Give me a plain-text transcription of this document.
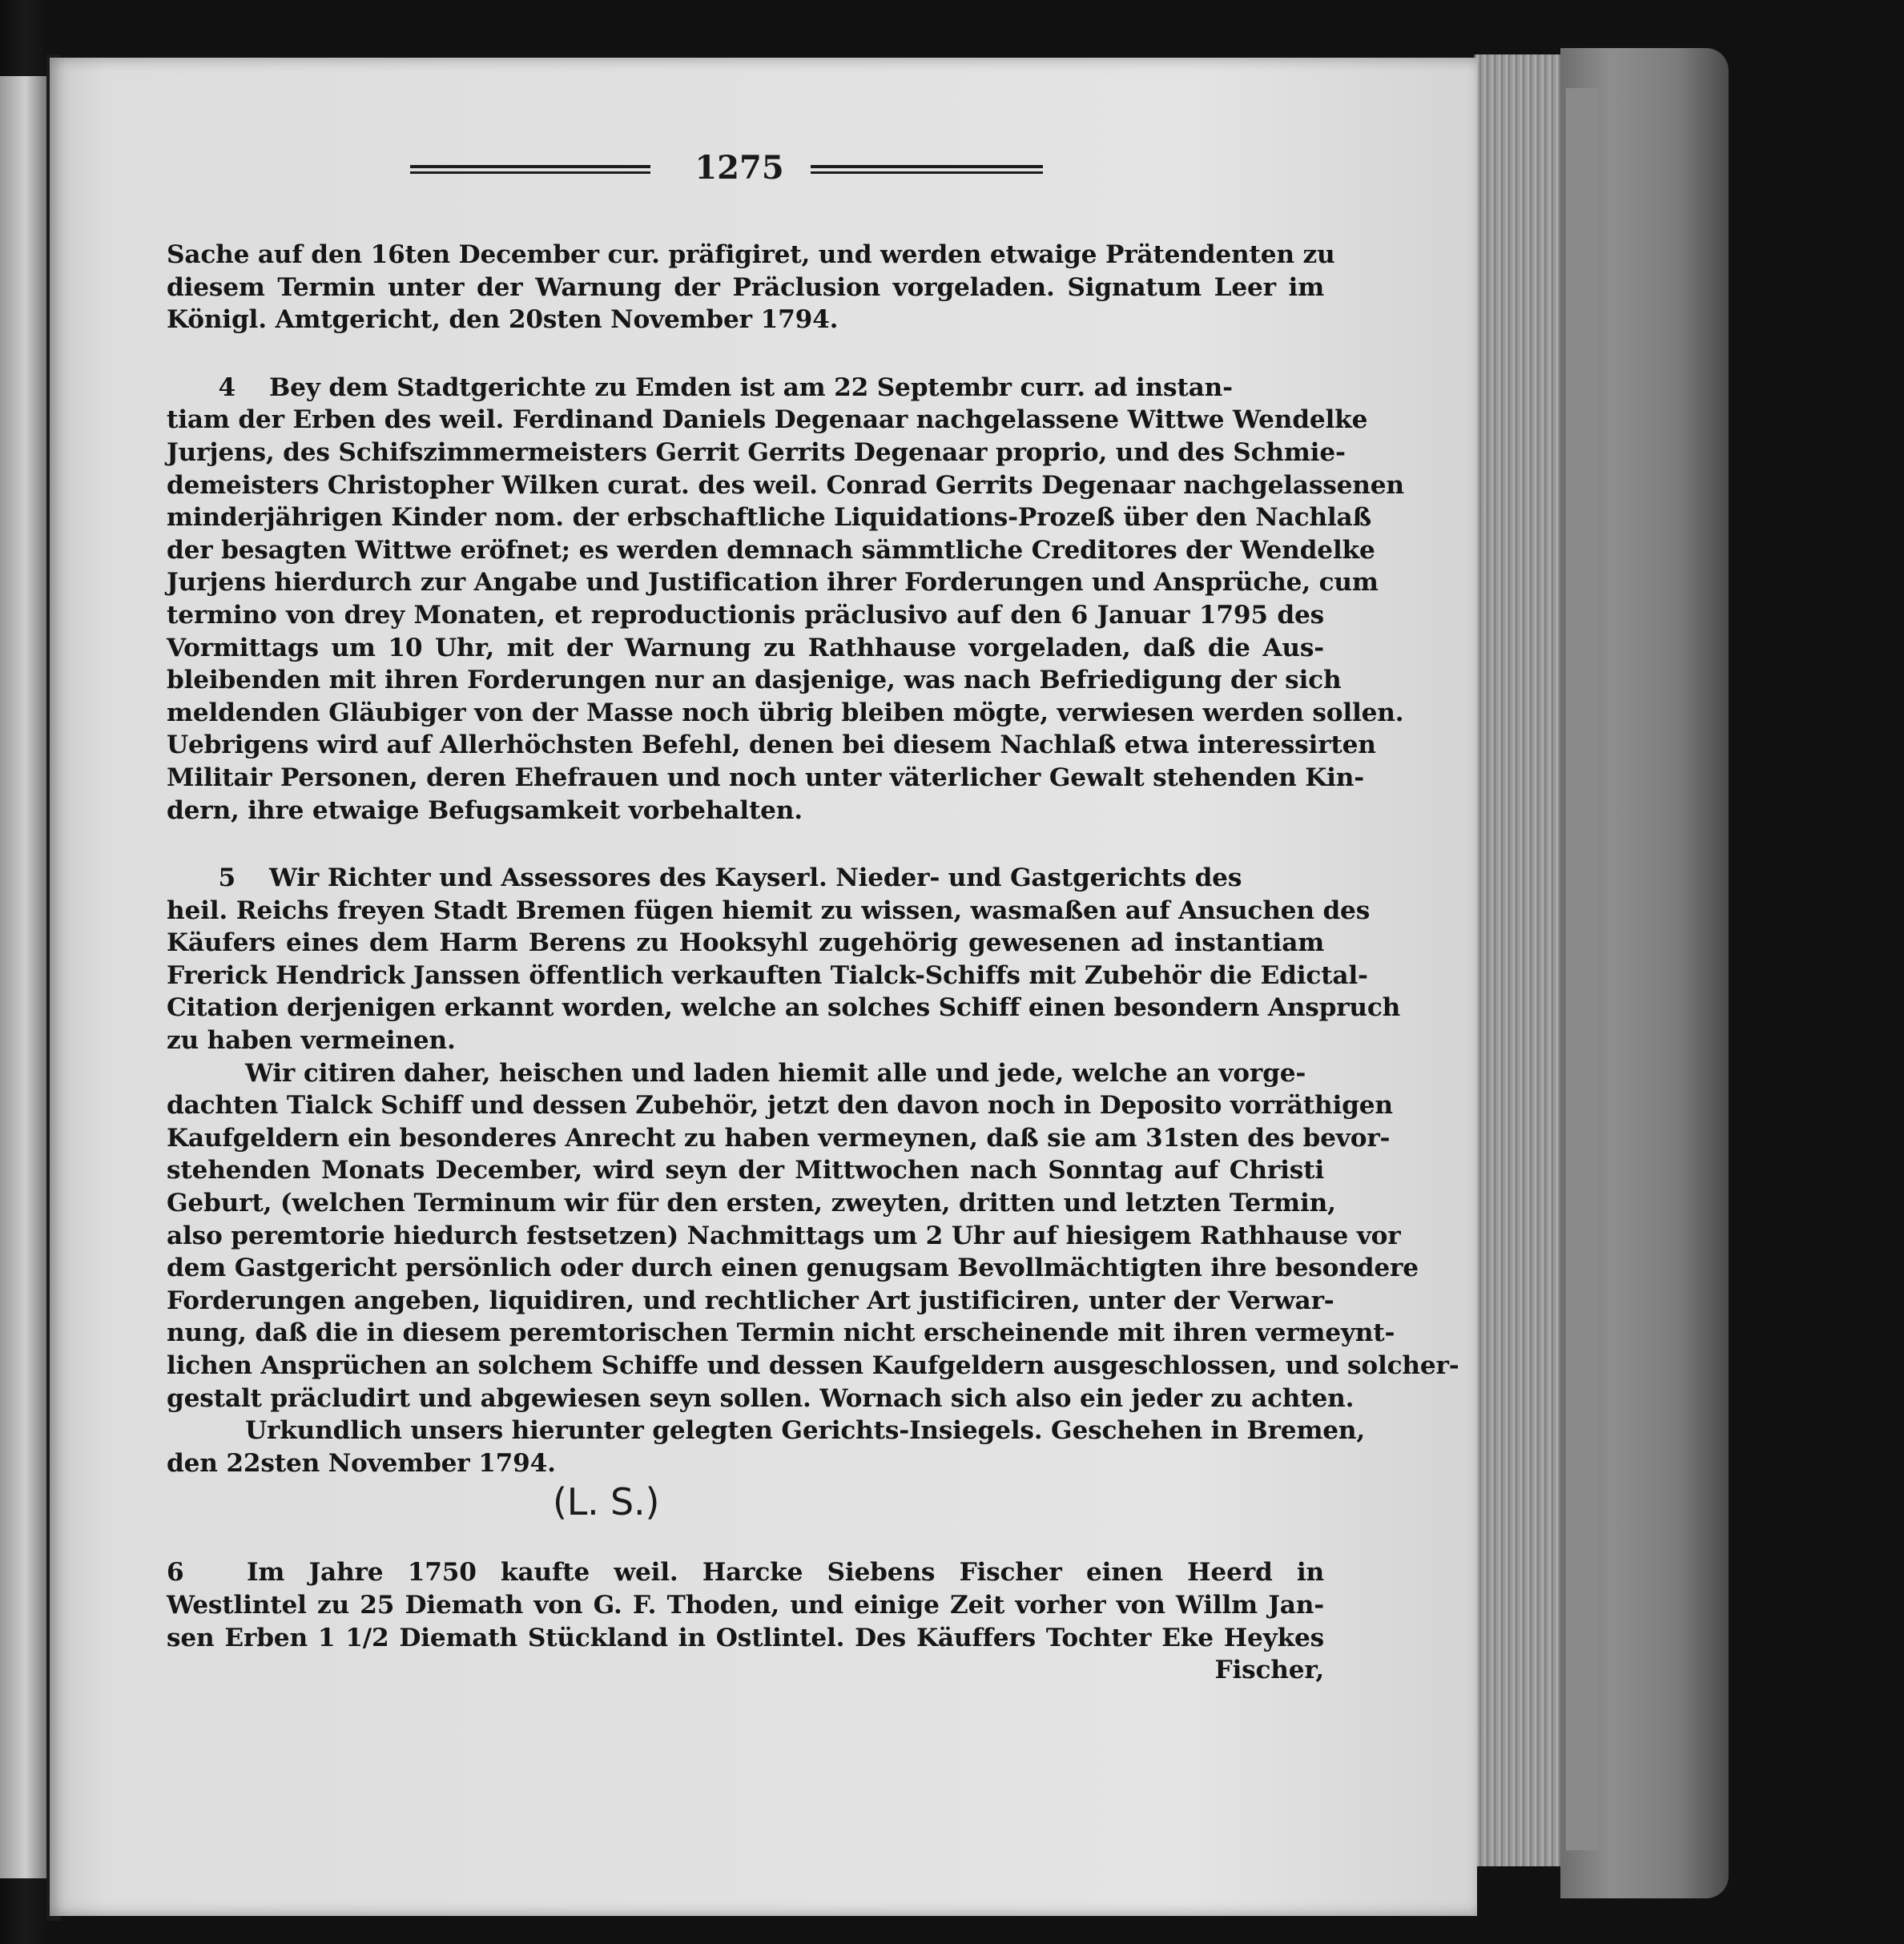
1275
Sache auf den 16ten December cur. präfigiret, und werden etwaige Prätendenten zu
diesem Termin unter der Warnung der Präclusion vorgeladen. Signatum Leer im
Königl. Amtgericht, den 20sten November 1794.
4 Bey dem Stadtgerichte zu Emden ist am 22 Septembr curr. ad instan-
tiam der Erben des weil. Ferdinand Daniels Degenaar nachgelassene Wittwe Wendelke
Jurjens, des Schifszimmermeisters Gerrit Gerrits Degenaar proprio, und des Schmie-
demeisters Christopher Wilken curat. des weil. Conrad Gerrits Degenaar nachgelassenen
minderjährigen Kinder nom. der erbschaftliche Liquidations-Prozeß über den Nachlaß
der besagten Wittwe eröfnet; es werden demnach sämmtliche Creditores der Wendelke
Jurjens hierdurch zur Angabe und Justification ihrer Forderungen und Ansprüche, cum
termino von drey Monaten, et reproductionis präclusivo auf den 6 Januar 1795 des
Vormittags um 10 Uhr, mit der Warnung zu Rathhause vorgeladen, daß die Aus-
bleibenden mit ihren Forderungen nur an dasjenige, was nach Befriedigung der sich
meldenden Gläubiger von der Masse noch übrig bleiben mögte, verwiesen werden sollen.
Uebrigens wird auf Allerhöchsten Befehl, denen bei diesem Nachlaß etwa interessirten
Militair Personen, deren Ehefrauen und noch unter väterlicher Gewalt stehenden Kin-
dern, ihre etwaige Befugsamkeit vorbehalten.
5 Wir Richter und Assessores des Kayserl. Nieder- und Gastgerichts des
heil. Reichs freyen Stadt Bremen fügen hiemit zu wissen, wasmaßen auf Ansuchen des
Käufers eines dem Harm Berens zu Hooksyhl zugehörig gewesenen ad instantiam
Frerick Hendrick Janssen öffentlich verkauften Tialck-Schiffs mit Zubehör die Edictal-
Citation derjenigen erkannt worden, welche an solches Schiff einen besondern Anspruch
zu haben vermeinen.
Wir citiren daher, heischen und laden hiemit alle und jede, welche an vorge-
dachten Tialck Schiff und dessen Zubehör, jetzt den davon noch in Deposito vorräthigen
Kaufgeldern ein besonderes Anrecht zu haben vermeynen, daß sie am 31sten des bevor-
stehenden Monats December, wird seyn der Mittwochen nach Sonntag auf Christi
Geburt, (welchen Terminum wir für den ersten, zweyten, dritten und letzten Termin,
also peremtorie hiedurch festsetzen) Nachmittags um 2 Uhr auf hiesigem Rathhause vor
dem Gastgericht persönlich oder durch einen genugsam Bevollmächtigten ihre besondere
Forderungen angeben, liquidiren, und rechtlicher Art justificiren, unter der Verwar-
nung, daß die in diesem peremtorischen Termin nicht erscheinende mit ihren vermeynt-
lichen Ansprüchen an solchem Schiffe und dessen Kaufgeldern ausgeschlossen, und solcher-
gestalt präcludirt und abgewiesen seyn sollen. Wornach sich also ein jeder zu achten.
Urkundlich unsers hierunter gelegten Gerichts-Insiegels. Geschehen in Bremen,
den 22sten November 1794.
(L. S.)
6	Im Jahre 1750 kaufte weil. Harcke Siebens Fischer einen Heerd in
Westlintel zu 25 Diemath von G. F. Thoden, und einige Zeit vorher von Willm Jan-
sen Erben 1 1/2 Diemath Stückland in Ostlintel. Des Käuffers Tochter Eke Heykes
Fischer,
